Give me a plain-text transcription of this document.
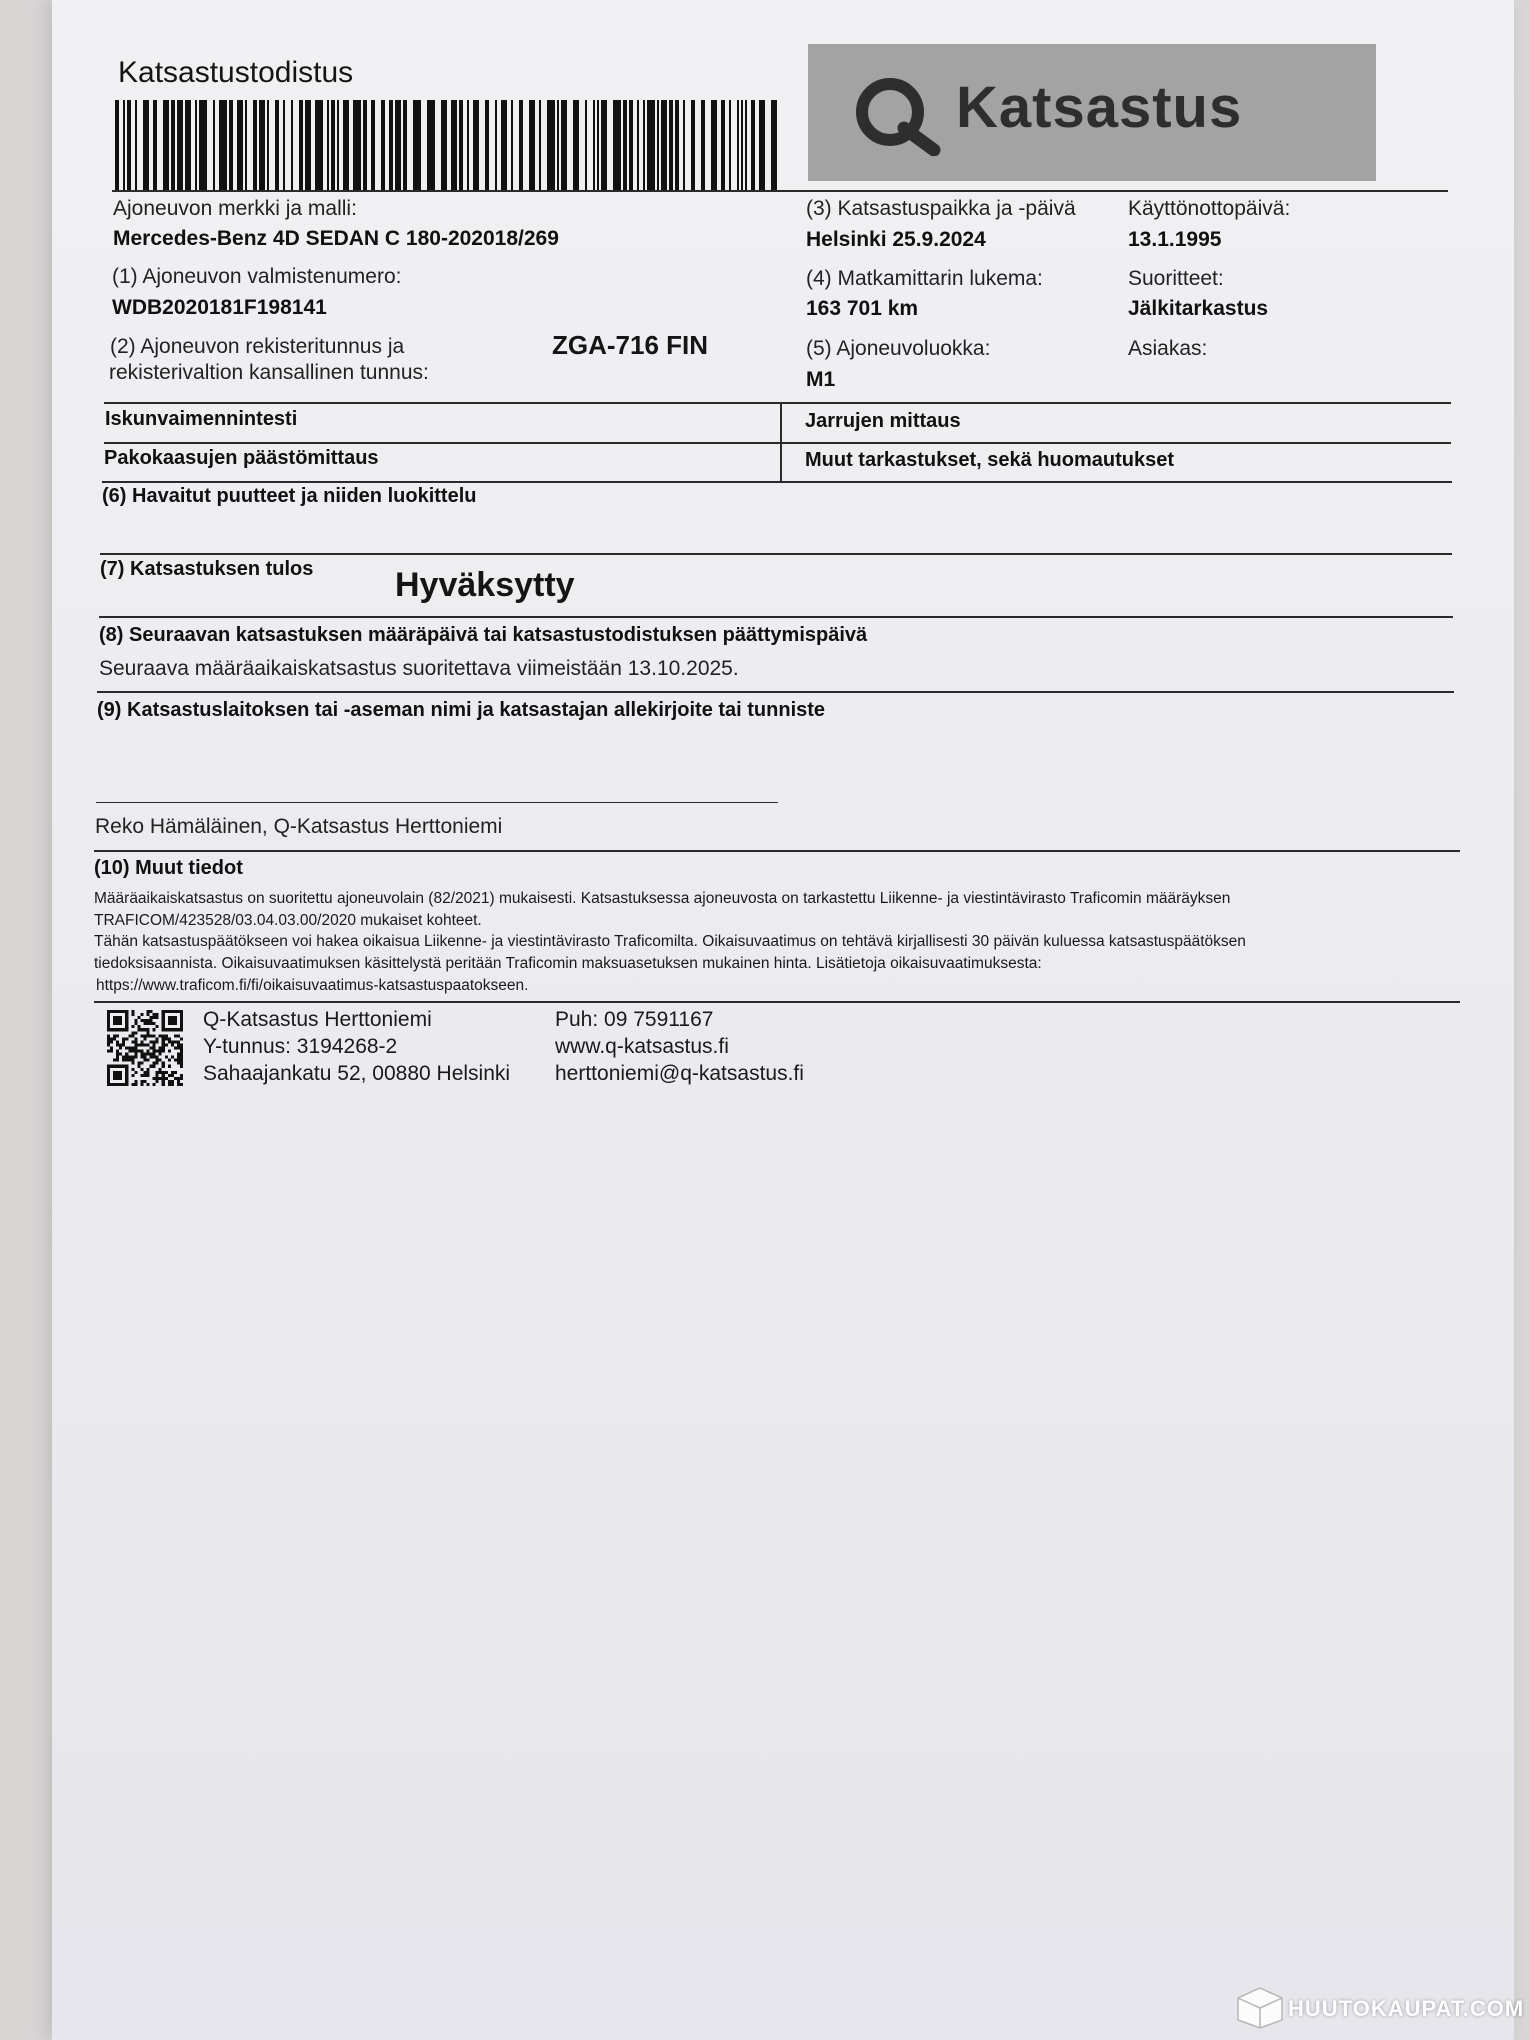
Katsastustodistus
Katsastus
Ajoneuvon merkki ja malli:
Mercedes-Benz 4D SEDAN C 180-202018/269
(1) Ajoneuvon valmistenumero:
WDB2020181F198141
(2) Ajoneuvon rekisteritunnus ja
rekisterivaltion kansallinen tunnus:
ZGA-716 FIN
(3) Katsastuspaikka ja -päivä
Helsinki 25.9.2024
Käyttönottopäivä:
13.1.1995
(4) Matkamittarin lukema:
163 701 km
Suoritteet:
Jälkitarkastus
(5) Ajoneuvoluokka:
M1
Asiakas:
Iskunvaimennintesti	Jarrujen mittaus
Pakokaasujen päästömittaus	Muut tarkastukset, sekä huomautukset
(6) Havaitut puutteet ja niiden luokittelu
(7) Katsastuksen tulos Hyväksytty
(8) Seuraavan katsastuksen määräpäivä tai katsastustodistuksen päättymispäivä
Seuraava määräaikaiskatsastus suoritettava viimeistään 13.10.2025.
(9) Katsastuslaitoksen tai -aseman nimi ja katsastajan allekirjoite tai tunniste
Reko Hämäläinen, Q-Katsastus Herttoniemi
(10) Muut tiedot
Määräaikaiskatsastus on suoritettu ajoneuvolain (82/2021) mukaisesti. Katsastuksessa ajoneuvosta on tarkastettu Liikenne- ja viestintävirasto Traficomin määräyksen
TRAFICOM/423528/03.04.03.00/2020 mukaiset kohteet.
Tähän katsastuspäätökseen voi hakea oikaisua Liikenne- ja viestintävirasto Traficomilta. Oikaisuvaatimus on tehtävä kirjallisesti 30 päivän kuluessa katsastuspäätöksen
tiedoksisaannista. Oikaisuvaatimuksen käsittelystä peritään Traficomin maksuasetuksen mukainen hinta. Lisätietoja oikaisuvaatimuksesta:
https://www.traficom.fi/fi/oikaisuvaatimus-katsastuspaatokseen.
Q-Katsastus Herttoniemi
Y-tunnus: 3194268-2
Sahaajankatu 52, 00880 Helsinki
Puh: 09 7591167
www.q-katsastus.fi
herttoniemi@q-katsastus.fi
HUUTOKAUPAT.COM
